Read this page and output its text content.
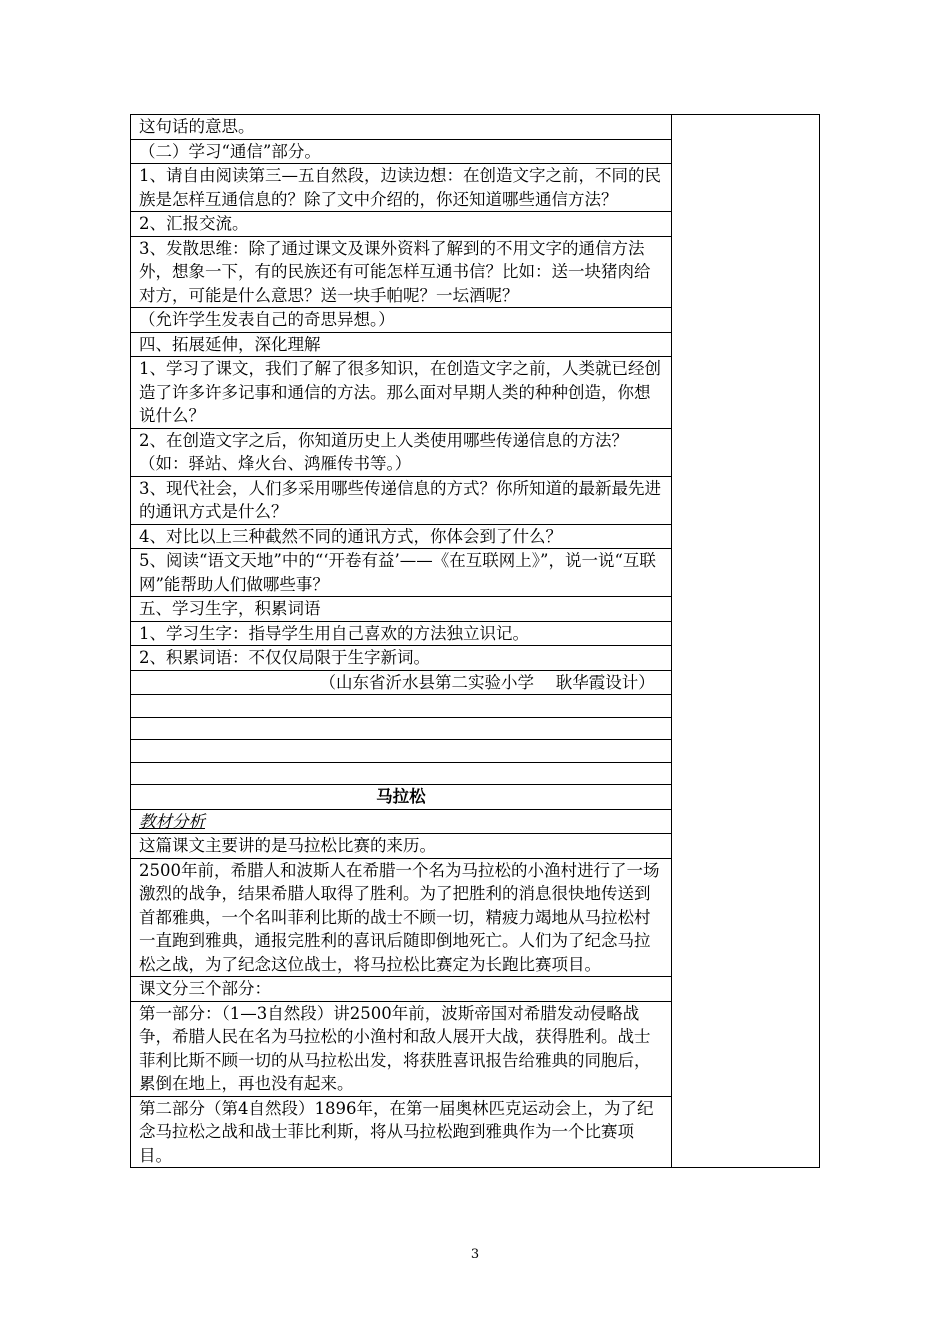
这句话的意思。	
（二）学习“通信”部分。
1、请自由阅读第三—五自然段，边读边想：在创造文字之前，不同的民族是怎样互通信息的？除了文中介绍的，你还知道哪些通信方法？
2、汇报交流。
3、发散思维：除了通过课文及课外资料了解到的不用文字的通信方法外，想象一下，有的民族还有可能怎样互通书信？比如：送一块猪肉给对方，可能是什么意思？送一块手帕呢？一坛酒呢？
（允许学生发表自己的奇思异想。）
四、拓展延伸，深化理解
1、学习了课文，我们了解了很多知识，在创造文字之前，人类就已经创造了许多许多记事和通信的方法。那么面对早期人类的种种创造，你想说什么？
2、在创造文字之后，你知道历史上人类使用哪些传递信息的方法？（如：驿站、烽火台、鸿雁传书等。）
3、现代社会，人们多采用哪些传递信息的方式？你所知道的最新最先进的通讯方式是什么？
4、对比以上三种截然不同的通讯方式，你体会到了什么？
5、阅读“语文天地”中的“‘开卷有益’——《在互联网上》”，说一说“互联网”能帮助人们做哪些事？
五、学习生字，积累词语
1、学习生字：指导学生用自己喜欢的方法独立识记。
2、积累词语：不仅仅局限于生字新词。
（山东省沂水县第二实验小学　 耿华霞设计）

马拉松
教材分析
这篇课文主要讲的是马拉松比赛的来历。
2500年前，希腊人和波斯人在希腊一个名为马拉松的小渔村进行了一场激烈的战争，结果希腊人取得了胜利。为了把胜利的消息很快地传送到首都雅典，一个名叫菲利比斯的战士不顾一切，精疲力竭地从马拉松村一直跑到雅典，通报完胜利的喜讯后随即倒地死亡。人们为了纪念马拉松之战，为了纪念这位战士，将马拉松比赛定为长跑比赛项目。
课文分三个部分：
第一部分：（1—3自然段）讲2500年前，波斯帝国对希腊发动侵略战争，希腊人民在名为马拉松的小渔村和敌人展开大战，获得胜利。战士菲利比斯不顾一切的从马拉松出发，将获胜喜讯报告给雅典的同胞后，累倒在地上，再也没有起来。
第二部分（第4自然段）1896年，在第一届奥林匹克运动会上，为了纪念马拉松之战和战士菲比利斯，将从马拉松跑到雅典作为一个比赛项目。
3
